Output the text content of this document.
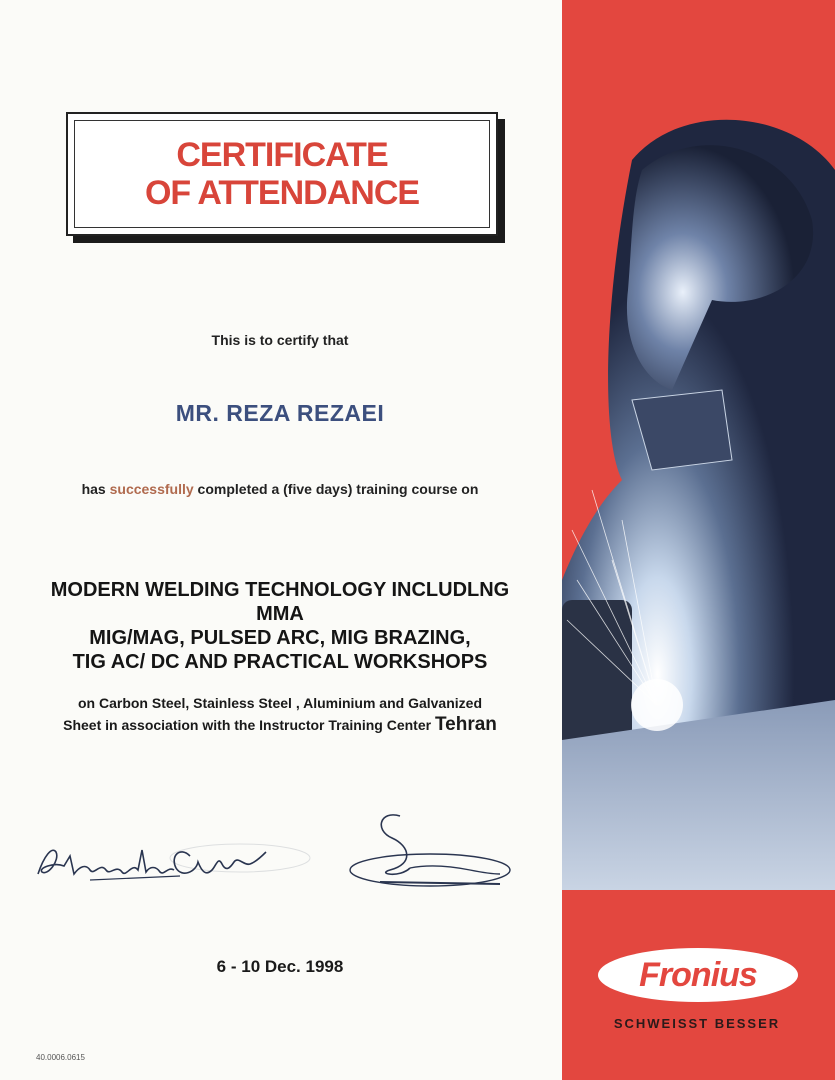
CERTIFICATE
OF ATTENDANCE
This is to certify that
MR. REZA REZAEI
has successfully completed a (five days) training course on
MODERN WELDING TECHNOLOGY INCLUDLNG
MMA
MIG/MAG, PULSED ARC, MIG BRAZING,
TIG AC/ DC AND PRACTICAL WORKSHOPS
on Carbon Steel, Stainless Steel , Aluminium and Galvanized
Sheet in association with the Instructor Training Center Tehran
6 - 10 Dec. 1998
40.0006.0615
Fronius
SCHWEISST BESSER
